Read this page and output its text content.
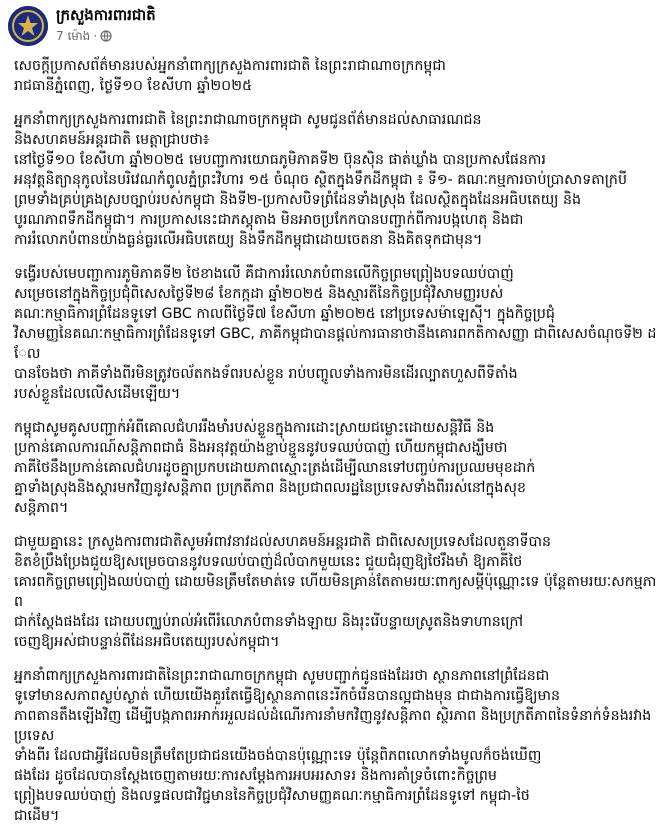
ក្រសួងការពារជាតិ
7 ម៉ោង ·

សេចក្តីប្រកាសព័ត៌មានរបស់អ្នកនាំពាក្យក្រសួងការពារជាតិ នៃព្រះរាជាណាចក្រកម្ពុជា
រាជធានីភ្នំពេញ, ថ្ងៃទី១០ ខែសីហា ឆ្នាំ២០២៥

អ្នកនាំពាក្យក្រសួងការពារជាតិ នៃព្រះរាជាណាចក្រកម្ពុជា សូមជូនព័ត៌មានដល់សាធារណជន
និងសហគមន៍អន្តរជាតិ មេត្តាជ្រាបថា៖
នៅថ្ងៃទី១០ ខែសីហា ឆ្នាំ២០២៥ មេបញ្ជាការយោធភូមិភាគទី២ ប៊ុនស៊ិន ផាត់ឃ្លាំង បានប្រកាសផែនការ
អនុវត្តនិត្យានុកូលនៃបរិវេណកំពូលភ្នំព្រះវិហារ ១៥ ចំណុច ស្ថិតក្នុងទឹកដីកម្ពុជា ៖ ទី១- គណៈកម្មការចាប់ប្រាសាទតាក្របី
ព្រមទាំងគ្រប់គ្រងស្របច្បាប់របស់កម្ពុជា និងទី២-ប្រកាសបិទព្រំដែនទាំងស្រុង ដែលស្ថិតក្នុងដែនអធិបតេយ្យ និង
បូរណភាពទឹកដីកម្ពុជា។ ការប្រកាសនេះជាភស្តុតាង មិនអាចប្រកែកបានបញ្ជាក់ពីការបង្កហេតុ និងជា
ការរំលោភបំពានយ៉ាងធ្ងន់ធ្ងរលើអធិបតេយ្យ និងទឹកដីកម្ពុជាដោយចេតនា និងគិតទុកជាមុន។

ទង្វើរបស់មេបញ្ជាការភូមិភាគទី២ ថៃខាងលើ គឺជាការរំលោភបំពានលើកិច្ចព្រមព្រៀងបទឈប់បាញ់
សម្រេចនៅក្នុងកិច្ចប្រជុំពិសេសថ្ងៃទី២៨ ខែកក្កដា ឆ្នាំ២០២៥ និងស្មារតីនៃកិច្ចប្រជុំវិសាមញ្ញរបស់
គណៈកម្មាធិការព្រំដែនទូទៅ GBC កាលពីថ្ងៃទី៧ ខែសីហា ឆ្នាំ២០២៥ នៅប្រទេសម៉ាឡេស៊ី។ ក្នុងកិច្ចប្រជុំ
វិសាមញ្ញនៃគណៈកម្មាធិការព្រំដែនទូទៅ GBC, ភាគីកម្ពុជាបានផ្តល់ការធានាថានឹងគោរពកតិកាសញ្ញា ជាពិសេសចំណុចទី២ ដែល
បានចែងថា ភាគីទាំងពីរមិនត្រូវចល័តកងទ័ពរបស់ខ្លួន រាប់បញ្ចូលទាំងការមិនដើរល្បាតហួសពីទីតាំង
របស់ខ្លួនដែលលើសដើមឡើយ។

កម្ពុជាសូមគូសបញ្ជាក់អំពីគោលជំហររឹងមាំរបស់ខ្លួនក្នុងការដោះស្រាយជម្លោះដោយសន្តិវិធី និង
ប្រកាន់គោលការណ៍សន្តិភាពជាធំ និងអនុវត្តយ៉ាងខ្ជាប់ខ្ជួននូវបទឈប់បាញ់ ហើយកម្ពុជាសង្ឃឹមថា
ភាគីថៃនឹងប្រកាន់គោលជំហរដូចគ្នាប្រកបដោយភាពស្មោះត្រង់ដើម្បីឈានទៅបញ្ចប់ការប្រឈមមុខដាក់
គ្នាទាំងស្រុងនិងស្តារមកវិញនូវសន្តិភាព ប្រក្រតីភាព និងប្រជាពលរដ្ឋនៃប្រទេសទាំងពីររស់នៅក្នុងសុខ
សន្តិភាព។

ជាមួយគ្នានេះ ក្រសួងការពារជាតិសូមអំពាវនាវដល់សហគមន៍អន្តរជាតិ ជាពិសេសប្រទេសដែលតួនាទីបាន
ខិតខំប្រឹងប្រែងជួយឱ្យសម្រេចបាននូវបទឈប់បាញ់ដ៏លំបាកមួយនេះ ជួយជំរុញឱ្យថៃរឹងមាំ ឱ្យភាគីថៃ
គោរពកិច្ចព្រមព្រៀងឈប់បាញ់ ដោយមិនត្រឹមតែមាត់ទេ ហើយមិនគ្រាន់តែតាមរយៈពាក្យសម្តីប៉ុណ្ណោះទេ ប៉ុន្តែតាមរយៈសកម្មភាព
ជាក់ស្តែងផងដែរ ដោយបញ្ឈប់រាល់អំពើរំលោភបំពានទាំងឡាយ និងរុះរើបន្ទាយស្រូតនិងទាហានក្រៅ
ចេញឱ្យអស់ជាបន្ទាន់ពីដែនអធិបតេយ្យរបស់កម្ពុជា។

អ្នកនាំពាក្យក្រសួងការពារជាតិនៃព្រះរាជាណាចក្រកម្ពុជា សូមបញ្ជាក់ជូនផងដែរថា ស្ថានភាពនៅព្រំដែនជា
ទូទៅមានសភាពស្ងប់ស្ងាត់ ហើយយើងគួរតែធ្វើឱ្យស្ថានភាពនេះរីកចំរើនបានល្អជាងមុន ជាជាងការធ្វើឱ្យមាន
ភាពតានតឹងឡើងវិញ ដើម្បីបង្កភាពរអាក់រអួលដល់ដំណើរការនាំមកវិញនូវសន្តិភាព ស្ថិរភាព និងប្រក្រតីភាពនៃទំនាក់ទំនងរវាងប្រទេស
ទាំងពីរ ដែលជាអ្វីដែលមិនត្រឹមតែប្រជាជនយើងចង់បានប៉ុណ្ណោះទេ ប៉ុន្តែពិភពលោកទាំងមូលក៏ចង់ឃើញ
ផងដែរ ដូចដែលបានស្តែងចេញតាមរយៈការសម្តែងការអបអរសាទរ និងការគាំទ្រចំពោះកិច្ចព្រម
ព្រៀងបទឈប់បាញ់ និងលទ្ធផលជាវិជ្ជមាននៃកិច្ចប្រជុំវិសាមញ្ញគណៈកម្មាធិការព្រំដែនទូទៅ កម្ពុជា-ថៃ
ជាដើម។
